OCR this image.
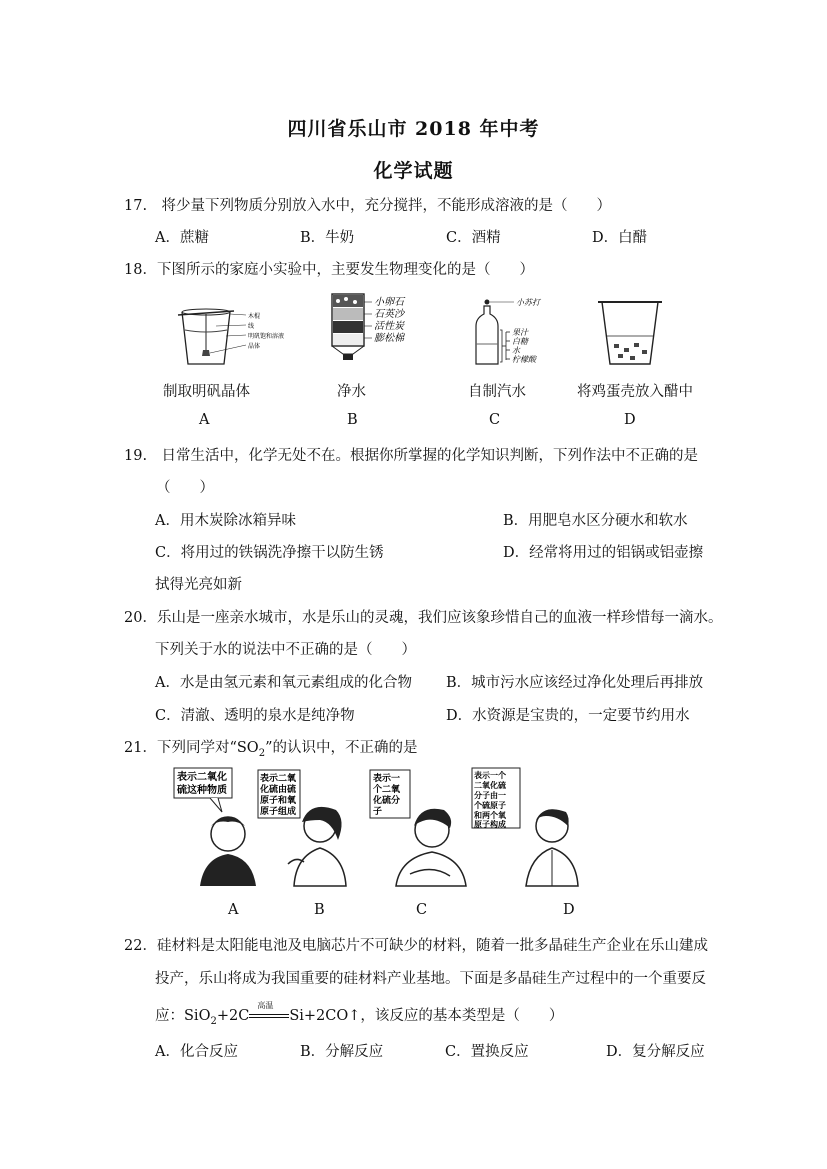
四川省乐山市 2018 年中考
化学试题
17.　将少量下列物质分别放入水中，充分搅拌，不能形成溶液的是（　　）
A．蔗糖	B．牛奶	C．酒精	D．白醋
18．下图所示的家庭小实验中，主要发生物理变化的是（　　）
木棍
线
明矾饱和溶液
晶体
小卵石
石英沙
活性炭
膨松棉
小苏打
果汁
白糖
水
柠檬酸
制取明矾晶体	净水	自制汽水	将鸡蛋壳放入醋中
A	B	C	D
19.　日常生活中，化学无处不在。根据你所掌握的化学知识判断，下列作法中不正确的是
（　　）
A．用木炭除冰箱异味	B．用肥皂水区分硬水和软水
C．将用过的铁锅洗净擦干以防生锈	D．经常将用过的铝锅或铝壶擦
拭得光亮如新
20．乐山是一座亲水城市，水是乐山的灵魂，我们应该象珍惜自己的血液一样珍惜每一滴水。
下列关于水的说法中不正确的是（　　）
A．水是由氢元素和氧元素组成的化合物 B．城市污水应该经过净化处理后再排放
C．清澈、透明的泉水是纯净物	D．水资源是宝贵的，一定要节约用水
21．下列同学对“$SO_2$”的认识中，不正确的是
表示二氧化
硫这种物质
表示二氧
化硫由硫
原子和氧
原子组成
表示一
个二氧
化硫分
子
表示一个
二氧化硫
分子由一
个硫原子
和两个氧
原子构成
A	B	C	D
22．硅材料是太阳能电池及电脑芯片不可缺少的材料，随着一批多晶硅生产企业在乐山建成
投产，乐山将成为我国重要的硅材料产业基地。下面是多晶硅生产过程中的一个重要反
应：SiO$_2$+2C
高温
Si+2CO↑，该反应的基本类型是（　　）
A．化合反应	B．分解反应	C．置换反应	D．复分解反应
